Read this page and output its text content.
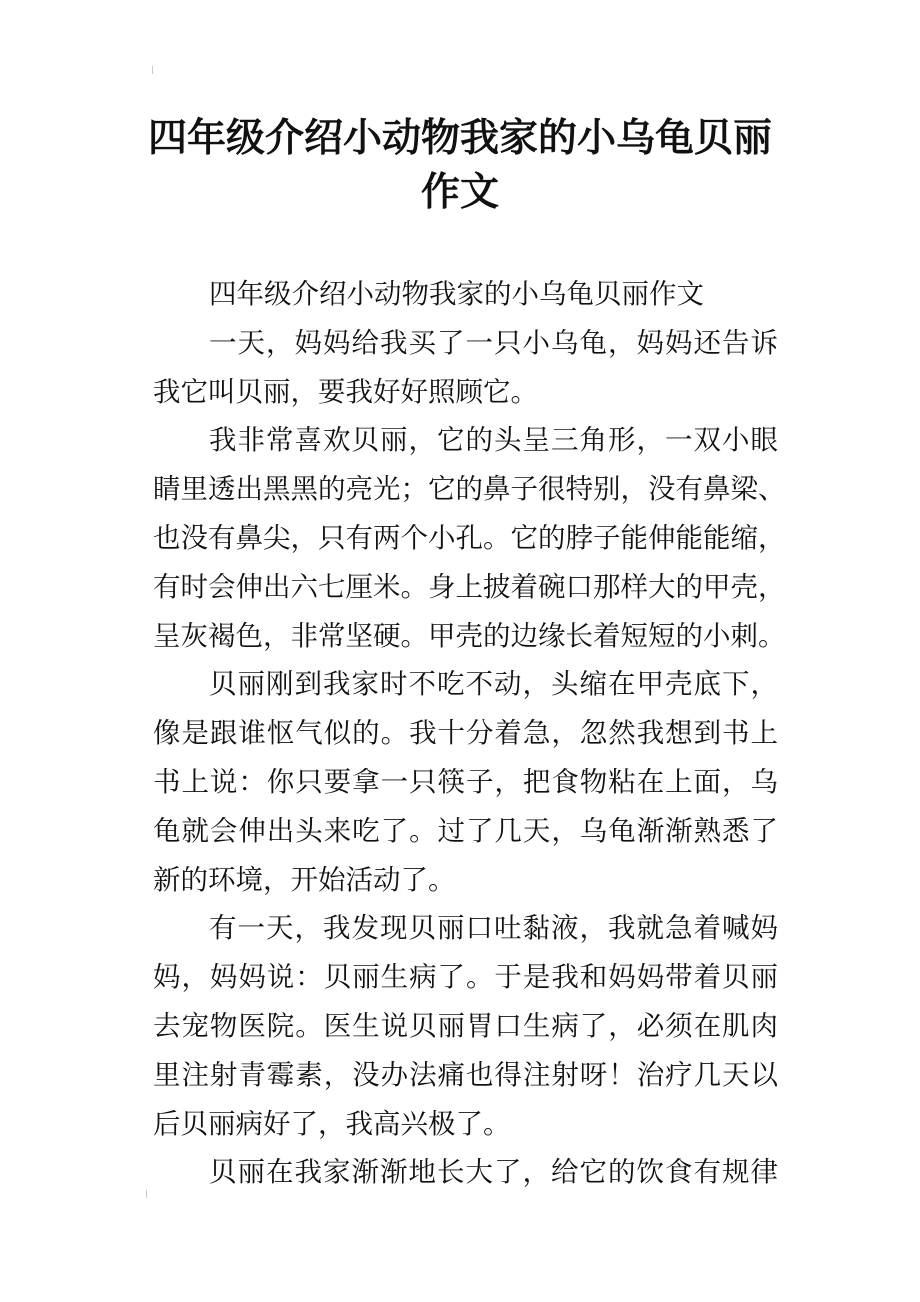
四年级介绍小动物我家的小乌龟贝丽
作文
四年级介绍小动物我家的小乌龟贝丽作文
一天，妈妈给我买了一只小乌龟，妈妈还告诉
我它叫贝丽，要我好好照顾它。
我非常喜欢贝丽，它的头呈三角形，一双小眼
睛里透出黑黑的亮光；它的鼻子很特别，没有鼻梁、
也没有鼻尖，只有两个小孔。它的脖子能伸能能缩，
有时会伸出六七厘米。身上披着碗口那样大的甲壳，
呈灰褐色，非常坚硬。甲壳的边缘长着短短的小刺。
贝丽刚到我家时不吃不动，头缩在甲壳底下，
像是跟谁怄气似的。我十分着急，忽然我想到书上
书上说：你只要拿一只筷子，把食物粘在上面，乌
龟就会伸出头来吃了。过了几天，乌龟渐渐熟悉了
新的环境，开始活动了。
有一天，我发现贝丽口吐黏液，我就急着喊妈
妈，妈妈说：贝丽生病了。于是我和妈妈带着贝丽
去宠物医院。医生说贝丽胃口生病了，必须在肌肉
里注射青霉素，没办法痛也得注射呀！治疗几天以
后贝丽病好了，我高兴极了。
贝丽在我家渐渐地长大了，给它的饮食有规律
